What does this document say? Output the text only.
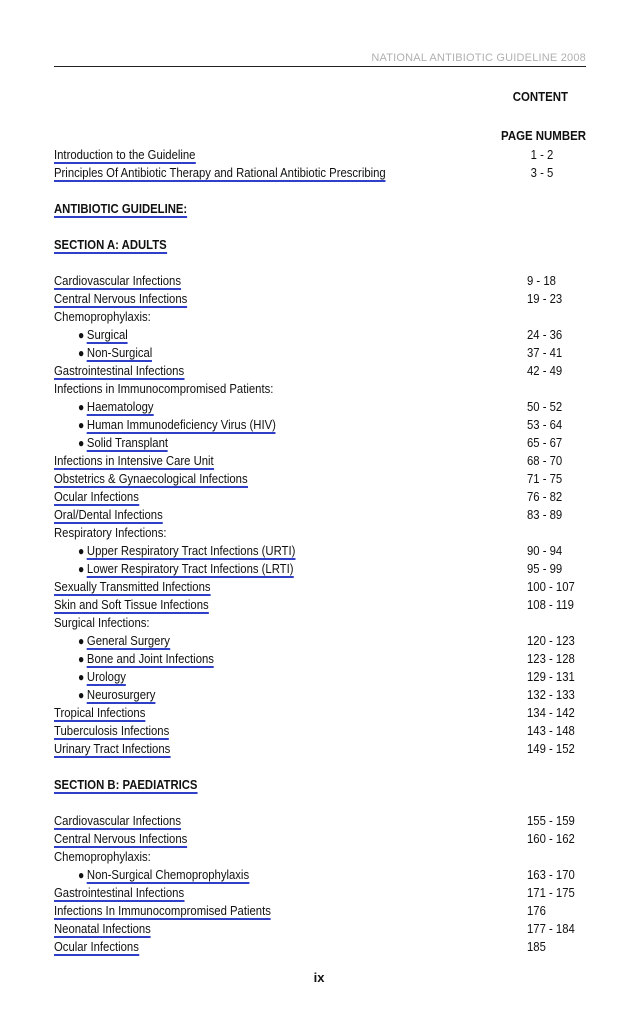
NATIONAL ANTIBIOTIC GUIDELINE 2008
CONTENT
PAGE NUMBER
Introduction to the Guideline	1 - 2
Principles Of Antibiotic Therapy and Rational Antibiotic Prescribing	3 - 5
ANTIBIOTIC GUIDELINE:
SECTION A: ADULTS
Cardiovascular Infections	9 - 18
Central Nervous Infections	19 - 23
Chemoprophylaxis:
● Surgical	24 - 36
● Non-Surgical	37 - 41
Gastrointestinal Infections	42 - 49
Infections in Immunocompromised Patients:
● Haematology	50 - 52
● Human Immunodeficiency Virus (HIV)	53 - 64
● Solid Transplant	65 - 67
Infections in Intensive Care Unit	68 - 70
Obstetrics & Gynaecological Infections	71 - 75
Ocular Infections	76 - 82
Oral/Dental Infections	83 - 89
Respiratory Infections:
● Upper Respiratory Tract Infections (URTI)	90 - 94
● Lower Respiratory Tract Infections (LRTI)	95 - 99
Sexually Transmitted Infections	100 - 107
Skin and Soft Tissue Infections	108 - 119
Surgical Infections:
● General Surgery	120 - 123
● Bone and Joint Infections	123 - 128
● Urology	129 - 131
● Neurosurgery	132 - 133
Tropical Infections	134 - 142
Tuberculosis Infections	143 - 148
Urinary Tract Infections	149 - 152
SECTION B: PAEDIATRICS
Cardiovascular Infections	155 - 159
Central Nervous Infections	160 - 162
Chemoprophylaxis:
● Non-Surgical Chemoprophylaxis	163 - 170
Gastrointestinal Infections	171 - 175
Infections In Immunocompromised Patients	176
Neonatal Infections	177 - 184
Ocular Infections	185
ix
